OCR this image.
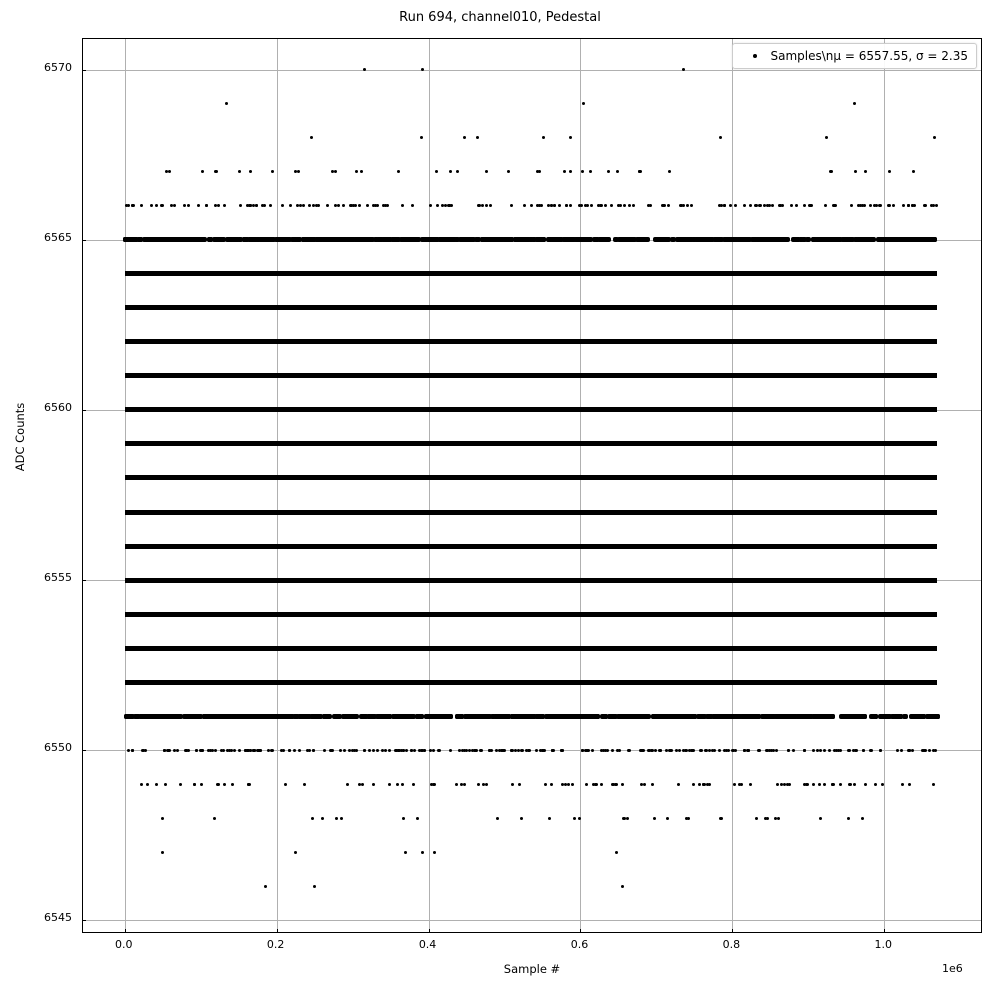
Run 694, channel010, Pedestal
Samples\nμ = 6557.55, σ = 2.35
0.0	0.2	0.4	0.6	0.8	1.0
6545
6550
6555
6560
6565
6570
Sample #
ADC Counts
1e6
